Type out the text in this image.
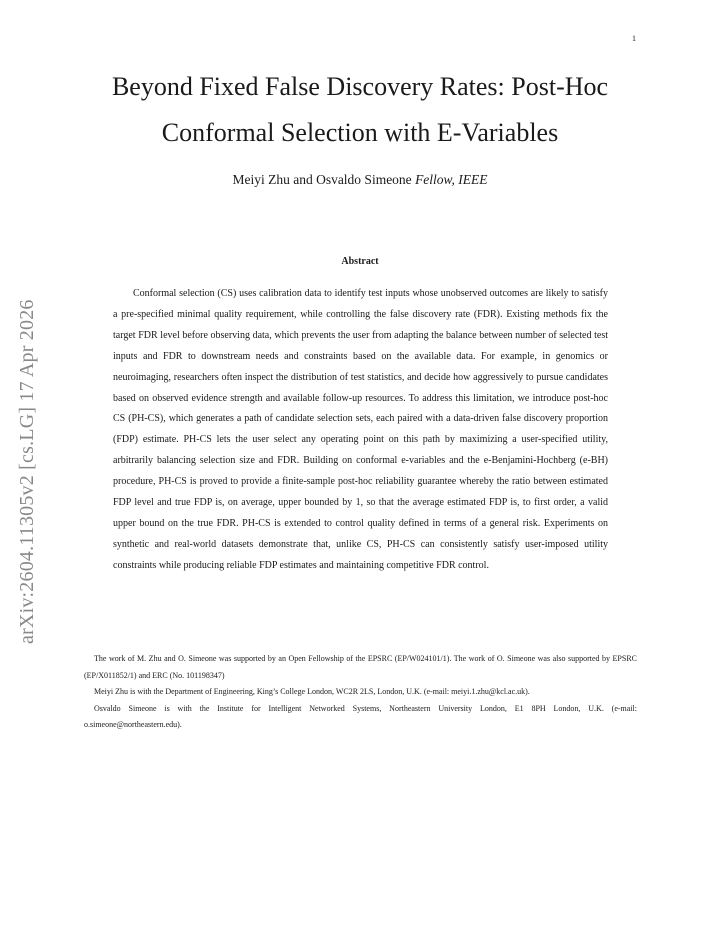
1
arXiv:2604.11305v2 [cs.LG] 17 Apr 2026
Beyond Fixed False Discovery Rates: Post-Hoc
Conformal Selection with E-Variables
Meiyi Zhu and Osvaldo Simeone Fellow, IEEE
Abstract

Conformal selection (CS) uses calibration data to identify test inputs whose unobserved outcomes are likely to satisfy a pre-specified minimal quality requirement, while controlling the false discovery rate (FDR). Existing methods fix the target FDR level before observing data, which prevents the user from adapting the balance between number of selected test inputs and FDR to downstream needs and constraints based on the available data. For example, in genomics or neuroimaging, researchers often inspect the distribution of test statistics, and decide how aggressively to pursue candidates based on observed evidence strength and available follow-up resources. To address this limitation, we introduce post-hoc CS (PH-CS), which generates a path of candidate selection sets, each paired with a data-driven false discovery proportion (FDP) estimate. PH-CS lets the user select any operating point on this path by maximizing a user-specified utility, arbitrarily balancing selection size and FDR. Building on conformal e-variables and the e-Benjamini-Hochberg (e-BH) procedure, PH-CS is proved to provide a finite-sample post-hoc reliability guarantee whereby the ratio between estimated FDP level and true FDP is, on average, upper bounded by 1, so that the average estimated FDP is, to first order, a valid upper bound on the true FDR. PH-CS is extended to control quality defined in terms of a general risk. Experiments on synthetic and real-world datasets demonstrate that, unlike CS, PH-CS can consistently satisfy user-imposed utility constraints while producing reliable FDP estimates and maintaining competitive FDR control.

The work of M. Zhu and O. Simeone was supported by an Open Fellowship of the EPSRC (EP/W024101/1). The work of O. Simeone was also supported by EPSRC (EP/X011852/1) and ERC (No. 101198347)

Meiyi Zhu is with the Department of Engineering, King’s College London, WC2R 2LS, London, U.K. (e-mail: meiyi.1.zhu@kcl.ac.uk).

Osvaldo Simeone is with the Institute for Intelligent Networked Systems, Northeastern University London, E1 8PH London, U.K. (e-mail: o.simeone@northeastern.edu).
